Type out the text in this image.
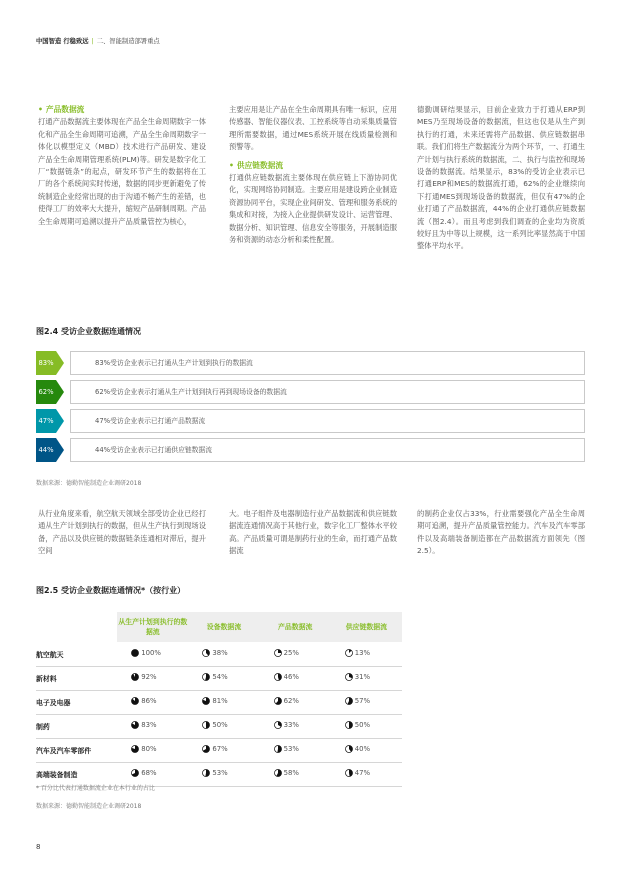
中国智造 行稳致远 | 二、智能制造部署重点
• 产品数据流

打通产品数据流主要体现在产品全生命周期数字一体化和产品全生命周期可追溯，产品全生命周期数字一体化以模型定义（MBD）技术进行产品研发、建设产品全生命周期管理系统(PLM)等。研发是数字化工厂“数据链条”的起点，研发环节产生的数据将在工厂的各个系统间实时传递，数据的同步更新避免了传统制造企业经常出现的由于沟通不畅产生的差错，也使得工厂的效率大大提升，缩短产品研制周期。产品全生命周期可追溯以提升产品质量管控为核心，

主要应用是让产品在全生命周期具有唯一标识，应用传感器、智能仪器仪表、工控系统等自动采集质量管理所需要数据，通过MES系统开展在线质量检测和预警等。

• 供应链数据流

打通供应链数据流主要体现在供应链上下游协同优化，实现网络协同制造。主要应用是建设跨企业制造资源协同平台，实现企业间研发、管理和服务系统的集成和对接，为接入企业提供研发设计、运营管理、数据分析、知识管理、信息安全等服务，开展制造服务和资源的动态分析和柔性配置。

德勤调研结果显示，目前企业致力于打通从ERP到MES乃至现场设备的数据流，但这也仅是从生产到执行的打通，未来还需将产品数据、供应链数据串联。我们们将生产数据流分为两个环节，一、打通生产计划与执行系统的数据流，二、执行与监控和现场设备的数据流。结果显示，83%的受访企业表示已打通ERP和MES的数据流打通，62%的企业继续向下打通MES到现场设备的数据流，但仅有47%的企业打通了产品数据流，44%的企业打通供应链数据流（图2.4）。而且考虑到我们调查的企业均为资质较好且为中等以上规模，这一系列比率显然高于中国整体平均水平。

图2.4 受访企业数据连通情况
83%	83%受访企业表示已打通从生产计划到执行的数据流
62%	62%受访企业表示打通从生产计划到执行再到现场设备的数据流
47%	47%受访企业表示已打通产品数据流
44%	44%受访企业表示已打通供应链数据流
数据来源：德勤智能制造企业调研2018

从行业角度来看，航空航天领域全部受访企业已经打通从生产计划到执行的数据，但从生产执行到现场设备，产品以及供应链的数据链条连通相对滞后，提升空间

大。电子组件及电器制造行业产品数据流和供应链数据流连通情况高于其他行业，数字化工厂整体水平较高。产品质量可谓是制药行业的生命，而打通产品数据流

的制药企业仅占33%，行业需要强化产品全生命周期可追溯，提升产品质量管控能力。汽车及汽车零部件以及高端装备制造都在产品数据流方面领先（图2.5）。

图2.5 受访企业数据连通情况*（按行业）
	从生产计划到执行的数据流	设备数据流	产品数据流	供应链数据流
航空航天	100%	38%	25%	13%

新材料	92%	54%	46%	31%

电子及电器	86%	81%	62%	57%

制药	83%	50%	33%	50%

汽车及汽车零部件	80%	67%	53%	40%

高端装备制造	68%	53%	58%	47%
* 百分比代表打通数据流企业在本行业的占比
数据来源：德勤智能制造企业调研2018
8
